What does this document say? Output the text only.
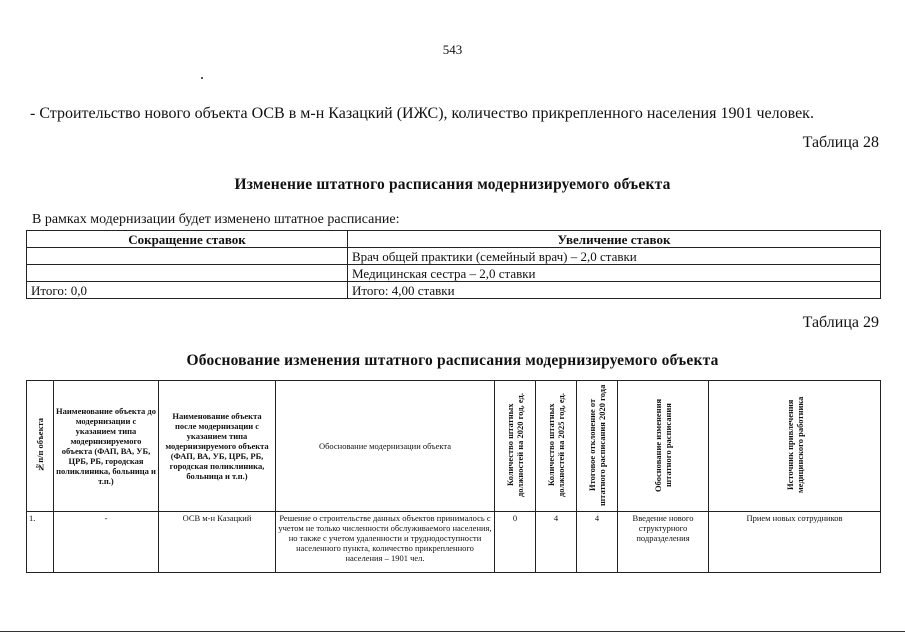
543
- Строительство нового объекта ОСВ в м-н Казацкий (ИЖС), количество прикрепленного населения 1901 человек.
Таблица 28
Изменение штатного расписания модернизируемого объекта
В рамках модернизации будет изменено штатное расписание:
Сокращение ставок	Увеличение ставок
	Врач общей практики (семейный врач) – 2,0 ставки
	Медицинская сестра – 2,0 ставки
Итого: 0,0	Итого: 4,00 ставки
Таблица 29
Обоснование изменения штатного расписания модернизируемого объекта
№п/п объекта	Наименование объекта до модернизации с указанием типа модернизируемого объекта (ФАП, ВА, УБ, ЦРБ, РБ, городская поликлиника, больница и т.п.)	Наименование объекта после модернизации с указанием типа модернизируемого объекта (ФАП, ВА, УБ, ЦРБ, РБ, городская поликлиника, больница и т.п.)	Обоснование модернизации объекта	Количество штатных должностей на 2020 год, ед.	Количество штатных должностей на 2025 год, ед.	Итоговое отклонение от штатного расписания 2020 года	Обоснование изменения штатного расписания	Источник привлечения медицинского работника
1.	-	ОСВ м-н Казацкий	Решение о строительстве данных объектов принималось с учетом не только численности обслуживаемого населения, но также с учетом удаленности и труднодоступности населенного пункта, количество прикрепленного населения – 1901 чел.	0	4	4	Введение нового структурного подразделения	Прием новых сотрудников
